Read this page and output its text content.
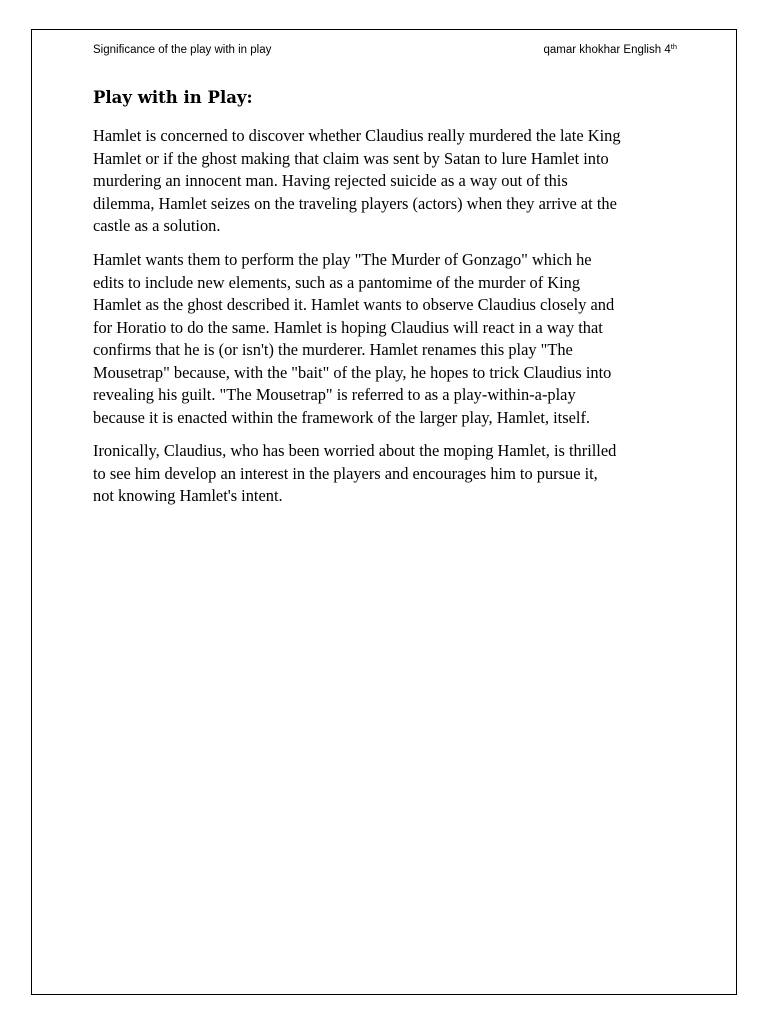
Significance of the play with in play	qamar khokhar English 4th
Play with in Play:

Hamlet is concerned to discover whether Claudius really murdered the late King
Hamlet or if the ghost making that claim was sent by Satan to lure Hamlet into
murdering an innocent man. Having rejected suicide as a way out of this
dilemma, Hamlet seizes on the traveling players (actors) when they arrive at the
castle as a solution.

Hamlet wants them to perform the play "The Murder of Gonzago" which he
edits to include new elements, such as a pantomime of the murder of King
Hamlet as the ghost described it. Hamlet wants to observe Claudius closely and
for Horatio to do the same. Hamlet is hoping Claudius will react in a way that
confirms that he is (or isn't) the murderer. Hamlet renames this play "The
Mousetrap" because, with the "bait" of the play, he hopes to trick Claudius into
revealing his guilt. "The Mousetrap" is referred to as a play-within-a-play
because it is enacted within the framework of the larger play, Hamlet, itself.

Ironically, Claudius, who has been worried about the moping Hamlet, is thrilled
to see him develop an interest in the players and encourages him to pursue it,
not knowing Hamlet's intent.
